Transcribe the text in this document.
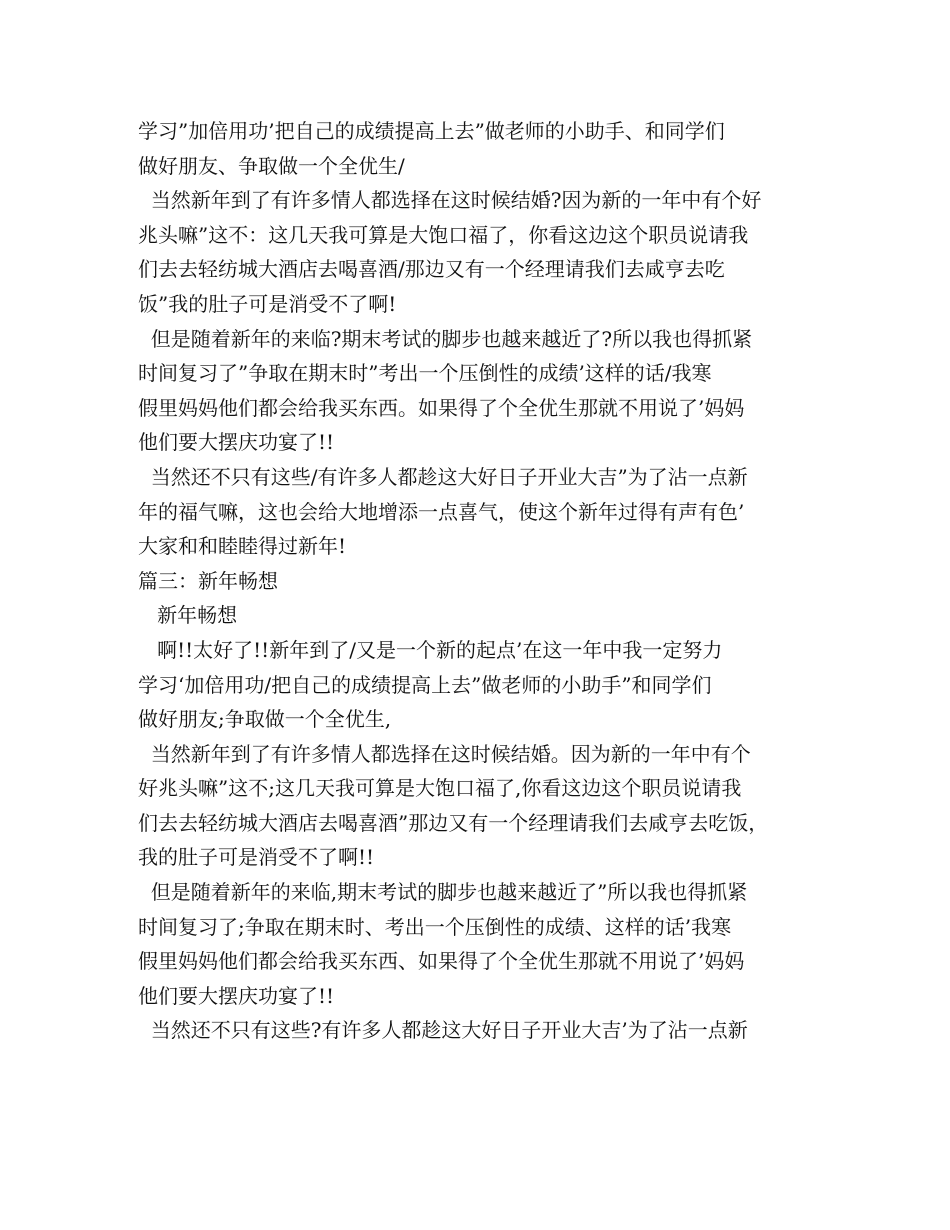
学习”加倍用功’把自己的成绩提高上去”做老师的小助手、和同学们
做好朋友、争取做一个全优生/
当然新年到了有许多情人都选择在这时候结婚?因为新的一年中有个好
兆头嘛”这不：这几天我可算是大饱口福了，你看这边这个职员说请我
们去去轻纺城大酒店去喝喜酒/那边又有一个经理请我们去咸亨去吃
饭”我的肚子可是消受不了啊!
但是随着新年的来临?期末考试的脚步也越来越近了?所以我也得抓紧
时间复习了”争取在期末时”考出一个压倒性的成绩’这样的话/我寒
假里妈妈他们都会给我买东西。如果得了个全优生那就不用说了’妈妈
他们要大摆庆功宴了!!
当然还不只有这些/有许多人都趁这大好日子开业大吉”为了沾一点新
年的福气嘛，这也会给大地增添一点喜气，使这个新年过得有声有色’
大家和和睦睦得过新年!
篇三：新年畅想
新年畅想
啊!!太好了!!新年到了/又是一个新的起点’在这一年中我一定努力
学习‘加倍用功/把自己的成绩提高上去”做老师的小助手”和同学们
做好朋友;争取做一个全优生,
当然新年到了有许多情人都选择在这时候结婚。因为新的一年中有个
好兆头嘛”这不;这几天我可算是大饱口福了,你看这边这个职员说请我
们去去轻纺城大酒店去喝喜酒”那边又有一个经理请我们去咸亨去吃饭，
我的肚子可是消受不了啊!!
但是随着新年的来临,期末考试的脚步也越来越近了”所以我也得抓紧
时间复习了;争取在期末时、考出一个压倒性的成绩、这样的话’我寒
假里妈妈他们都会给我买东西、如果得了个全优生那就不用说了’妈妈
他们要大摆庆功宴了!!
当然还不只有这些?有许多人都趁这大好日子开业大吉’为了沾一点新
